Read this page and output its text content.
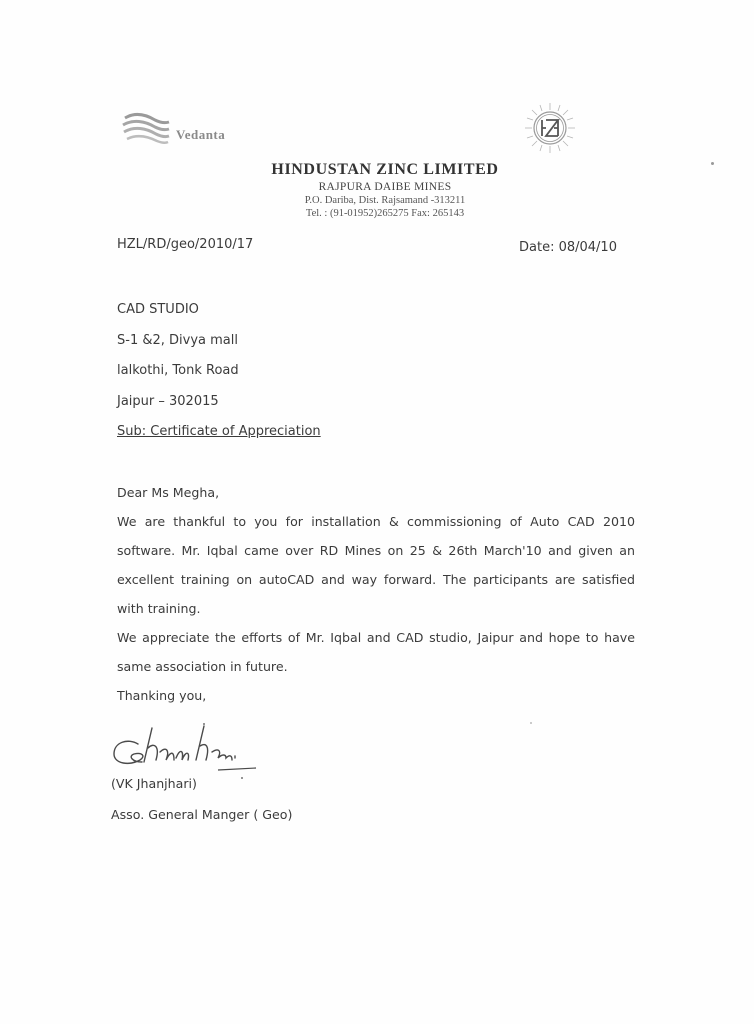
Vedanta
HINDUSTAN ZINC LIMITED
RAJPURA DAIBE MINES
P.O. Dariba, Dist. Rajsamand -313211
Tel. : (91-01952)265275 Fax: 265143
HZL/RD/geo/2010/17	Date: 08/04/10
CAD STUDIO
S-1 &2, Divya mall
lalkothi, Tonk Road
Jaipur – 302015
Sub: Certificate of Appreciation

Dear Ms Megha,

We are thankful to you for installation & commissioning of Auto CAD 2010

software. Mr. Iqbal came over RD Mines on 25 & 26th March'10 and given an

excellent training on autoCAD and way forward. The participants are satisfied

with training.

We appreciate the efforts of Mr. Iqbal and CAD studio, Jaipur and hope to have

same association in future.

Thanking you,

(VK Jhanjhari)
Asso. General Manger ( Geo)
